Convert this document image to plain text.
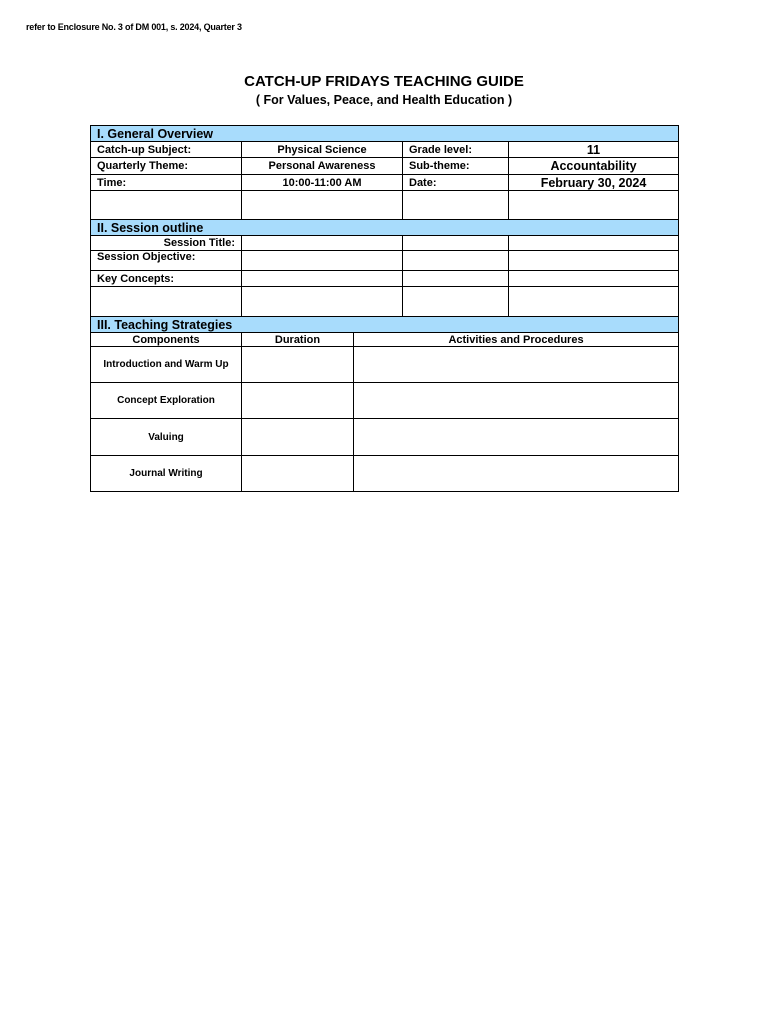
refer to Enclosure No. 3 of DM 001, s. 2024, Quarter 3
CATCH-UP FRIDAYS TEACHING GUIDE
( For Values, Peace, and Health Education )
I. General Overview			
Catch-up Subject:	Physical Science	Grade level:	11
Quarterly Theme:	Personal Awareness	Sub-theme:	Accountability
Time:	10:00-11:00 AM	Date:	February 30, 2024

II. Session outline			
Session Title:			
Session Objective:			
Key Concepts:			

III. Teaching Strategies		
Components	Duration	Activities and Procedures
Introduction and Warm Up		
Concept Exploration		
Valuing		
Journal Writing		
